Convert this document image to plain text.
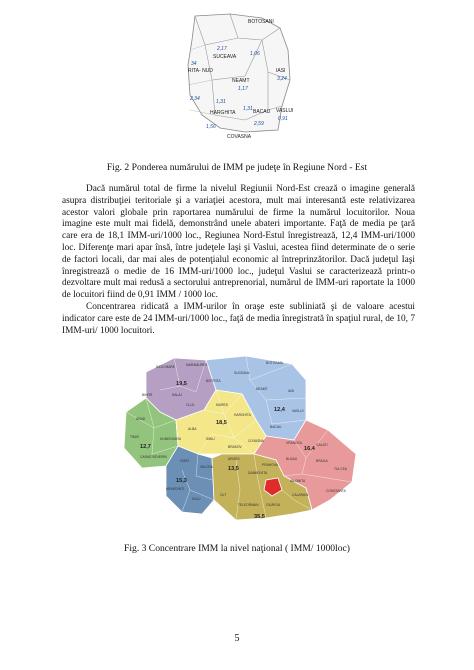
BOTOSANI
1,06
2,17
SUCEAVA
IASI
3,24
NEAMT
1,17
BACAU
2,59
VASLUI
0,91
RITA- NUD
HARGHITA
COVASNA
34
2,34	1,31
1,56
1,31
Fig. 2 Ponderea numărului de IMM pe judeţe în Regiune Nord - Est

Dacă numărul total de firme la nivelul Regiunii Nord-Est crează o imagine generală asupra distribuţiei teritoriale şi a variaţiei acestora, mult mai interesantă este relativizarea acestor valori globale prin raportarea numărului de firme la numărul locuitorilor. Noua imagine este mult mai fidelă, demonstrând unele abateri importante. Faţă de media pe ţară care era de 18,1 IMM-uri/1000 loc., Regiunea Nord-Estul înregistrează, 12,4 IMM-uri/1000 loc. Diferenţe mari apar însă, între judeţele Iaşi şi Vaslui, acestea fiind determinate de o serie de factori locali, dar mai ales de potenţialul economic al întreprinzătorilor. Dacă judeţul Iaşi înregistrează o medie de 16 IMM-uri/1000 loc., judeţul Vaslui se caracterizează printr-o dezvoltare mult mai redusă a sectorului antreprenorial, numărul de IMM-uri raportate la 1000 de locuitori fiind de 0,91 IMM / 1000 loc.

Concentrarea ridicată a IMM-urilor în oraşe este subliniată şi de valoare acestui indicator care este de 24 IMM-uri/1000 loc., faţă de media înregistrată în spaţiul rural, de 10, 7 IMM-uri/ 1000 locuitori.

19,5
12,4
18,5
16,4
13,5
15,3
35,5
12,7
SATU MARE	MARAMURES	BOTOSANI
SUCEAVA
BIHOR	SALAJ
BISTRITA
IASI
NEAMT
CLUJ	MURES
HARGHITA
BACAU
VASLUI
ARAD
ALBA
SIBIU	COVASNA	VRANCEA	GALATI
TIMIS	HUNEDOARA
BRASOV
BUZAU	BRAILA
TULCEA
CARAS SEVERIN
VALCEA
ARGES
PRAHOVA
IALOMITA
CONSTANTA
GORJ
DAMBOVITA
CALARASI
MEHEDINTI
DOLJ
OLT
TELEORMAN GIURGIU
Fig. 3 Concentrare IMM la nivel naţional ( IMM/ 1000loc)
5
